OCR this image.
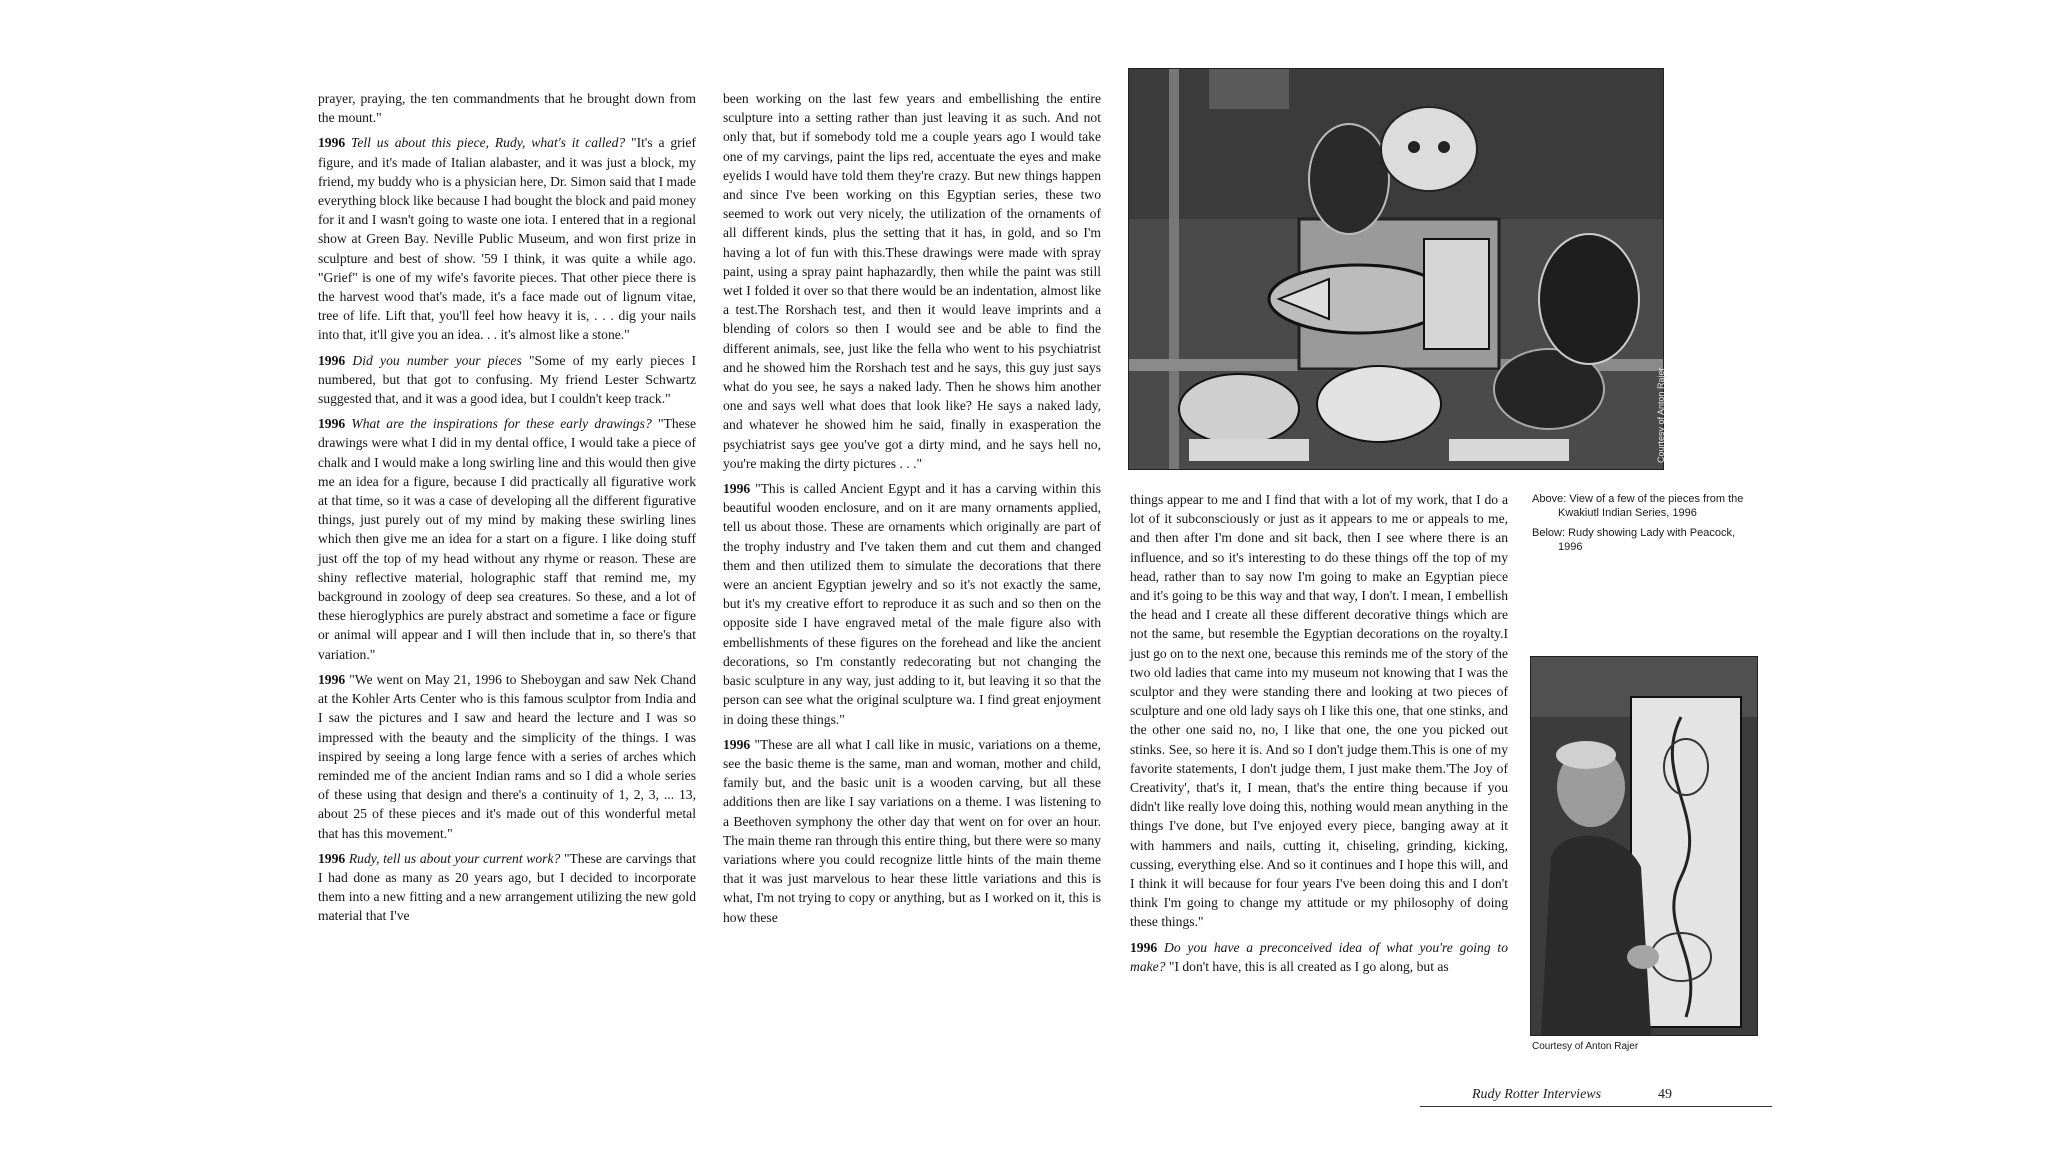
prayer, praying, the ten commandments that he brought down from the mount."

1996 Tell us about this piece, Rudy, what's it called? "It's a grief figure, and it's made of Italian alabaster, and it was just a block, my friend, my buddy who is a physician here, Dr. Simon said that I made everything block like because I had bought the block and paid money for it and I wasn't going to waste one iota. I entered that in a regional show at Green Bay. Neville Public Museum, and won first prize in sculpture and best of show. '59 I think, it was quite a while ago. "Grief" is one of my wife's favorite pieces. That other piece there is the harvest wood that's made, it's a face made out of lignum vitae, tree of life. Lift that, you'll feel how heavy it is, . . . dig your nails into that, it'll give you an idea. . . it's almost like a stone."

1996 Did you number your pieces "Some of my early pieces I numbered, but that got to confusing. My friend Lester Schwartz suggested that, and it was a good idea, but I couldn't keep track."

1996 What are the inspirations for these early drawings? "These drawings were what I did in my dental office, I would take a piece of chalk and I would make a long swirling line and this would then give me an idea for a figure, because I did practically all figurative work at that time, so it was a case of developing all the different figurative things, just purely out of my mind by making these swirling lines which then give me an idea for a start on a figure. I like doing stuff just off the top of my head without any rhyme or reason. These are shiny reflective material, holographic staff that remind me, my background in zoology of deep sea creatures. So these, and a lot of these hieroglyphics are purely abstract and sometime a face or figure or animal will appear and I will then include that in, so there's that variation."

1996 "We went on May 21, 1996 to Sheboygan and saw Nek Chand at the Kohler Arts Center who is this famous sculptor from India and I saw the pictures and I saw and heard the lecture and I was so impressed with the beauty and the simplicity of the things. I was inspired by seeing a long large fence with a series of arches which reminded me of the ancient Indian rams and so I did a whole series of these using that design and there's a continuity of 1, 2, 3, ... 13, about 25 of these pieces and it's made out of this wonderful metal that has this movement."

1996 Rudy, tell us about your current work? "These are carvings that I had done as many as 20 years ago, but I decided to incorporate them into a new fitting and a new arrangement utilizing the new gold material that I've

been working on the last few years and embellishing the entire sculpture into a setting rather than just leaving it as such. And not only that, but if somebody told me a couple years ago I would take one of my carvings, paint the lips red, accentuate the eyes and make eyelids I would have told them they're crazy. But new things happen and since I've been working on this Egyptian series, these two seemed to work out very nicely, the utilization of the ornaments of all different kinds, plus the setting that it has, in gold, and so I'm having a lot of fun with this.These drawings were made with spray paint, using a spray paint haphazardly, then while the paint was still wet I folded it over so that there would be an indentation, almost like a test.The Rorshach test, and then it would leave imprints and a blending of colors so then I would see and be able to find the different animals, see, just like the fella who went to his psychiatrist and he showed him the Rorshach test and he says, this guy just says what do you see, he says a naked lady. Then he shows him another one and says well what does that look like? He says a naked lady, and whatever he showed him he said, finally in exasperation the psychiatrist says gee you've got a dirty mind, and he says hell no, you're making the dirty pictures . . ."

1996 "This is called Ancient Egypt and it has a carving within this beautiful wooden enclosure, and on it are many ornaments applied, tell us about those. These are ornaments which originally are part of the trophy industry and I've taken them and cut them and changed them and then utilized them to simulate the decorations that there were an ancient Egyptian jewelry and so it's not exactly the same, but it's my creative effort to reproduce it as such and so then on the opposite side I have engraved metal of the male figure also with embellishments of these figures on the forehead and like the ancient decorations, so I'm constantly redecorating but not changing the basic sculpture in any way, just adding to it, but leaving it so that the person can see what the original sculpture wa. I find great enjoyment in doing these things."

1996 "These are all what I call like in music, variations on a theme, see the basic theme is the same, man and woman, mother and child, family but, and the basic unit is a wooden carving, but all these additions then are like I say variations on a theme. I was listening to a Beethoven symphony the other day that went on for over an hour. The main theme ran through this entire thing, but there were so many variations where you could recognize little hints of the main theme that it was just marvelous to hear these little variations and this is what, I'm not trying to copy or anything, but as I worked on it, this is how these

Courtesy of Anton Rajer

things appear to me and I find that with a lot of my work, that I do a lot of it subconsciously or just as it appears to me or appeals to me, and then after I'm done and sit back, then I see where there is an influence, and so it's interesting to do these things off the top of my head, rather than to say now I'm going to make an Egyptian piece and it's going to be this way and that way, I don't. I mean, I embellish the head and I create all these different decorative things which are not the same, but resemble the Egyptian decorations on the royalty.I just go on to the next one, because this reminds me of the story of the two old ladies that came into my museum not knowing that I was the sculptor and they were standing there and looking at two pieces of sculpture and one old lady says oh I like this one, that one stinks, and the other one said no, no, I like that one, the one you picked out stinks. See, so here it is. And so I don't judge them.This is one of my favorite statements, I don't judge them, I just make them.'The Joy of Creativity', that's it, I mean, that's the entire thing because if you didn't like really love doing this, nothing would mean anything in the things I've done, but I've enjoyed every piece, banging away at it with hammers and nails, cutting it, chiseling, grinding, kicking, cussing, everything else. And so it continues and I hope this will, and I think it will because for four years I've been doing this and I don't think I'm going to change my attitude or my philosophy of doing these things."

1996 Do you have a preconceived idea of what you're going to make? "I don't have, this is all created as I go along, but as

Above: View of a few of the pieces from the Kwakiutl Indian Series, 1996

Below: Rudy showing Lady with Peacock, 1996

Courtesy of Anton Rajer
Rudy Rotter Interviews	49
